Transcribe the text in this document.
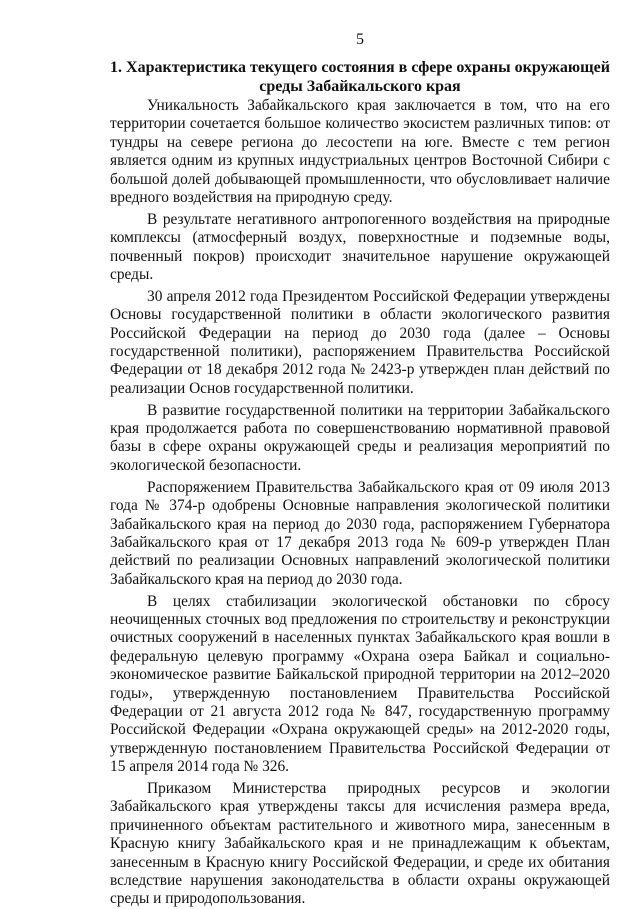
5
1. Характеристика текущего состояния в сфере охраны окружающей среды Забайкальского края

Уникальность Забайкальского края заключается в том, что на его территории сочетается большое количество экосистем различных типов: от тундры на севере региона до лесостепи на юге. Вместе с тем регион является одним из крупных индустриальных центров Восточной Сибири с большой долей добывающей промышленности, что обусловливает наличие вредного воздействия на природную среду.

В результате негативного антропогенного воздействия на природные комплексы (атмосферный воздух, поверхностные и подземные воды, почвенный покров) происходит значительное нарушение окружающей среды.

30 апреля 2012 года Президентом Российской Федерации утверждены Основы государственной политики в области экологического развития Российской Федерации на период до 2030 года (далее – Основы государственной политики), распоряжением Правительства Российской Федерации от 18 декабря 2012 года № 2423-р утвержден план действий по реализации Основ государственной политики.

В развитие государственной политики на территории Забайкальского края продолжается работа по совершенствованию нормативной правовой базы в сфере охраны окружающей среды и реализация мероприятий по экологической безопасности.

Распоряжением Правительства Забайкальского края от 09 июля 2013 года № 374-р одобрены Основные направления экологической политики Забайкальского края на период до 2030 года, распоряжением Губернатора Забайкальского края от 17 декабря 2013 года № 609-р утвержден План действий по реализации Основных направлений экологической политики Забайкальского края на период до 2030 года.

В целях стабилизации экологической обстановки по сбросу неочищенных сточных вод предложения по строительству и реконструкции очистных сооружений в населенных пунктах Забайкальского края вошли в федеральную целевую программу «Охрана озера Байкал и социально-экономическое развитие Байкальской природной территории на 2012–2020 годы», утвержденную постановлением Правительства Российской Федерации от 21 августа 2012 года № 847, государственную программу Российской Федерации «Охрана окружающей среды» на 2012-2020 годы, утвержденную постановлением Правительства Российской Федерации от 15 апреля 2014 года № 326.

Приказом Министерства природных ресурсов и экологии Забайкальского края утверждены таксы для исчисления размера вреда, причиненного объектам растительного и животного мира, занесенным в Красную книгу Забайкальского края и не принадлежащим к объектам, занесенным в Красную книгу Российской Федерации, и среде их обитания вследствие нарушения законодательства в области охраны окружающей среды и природопользования.
